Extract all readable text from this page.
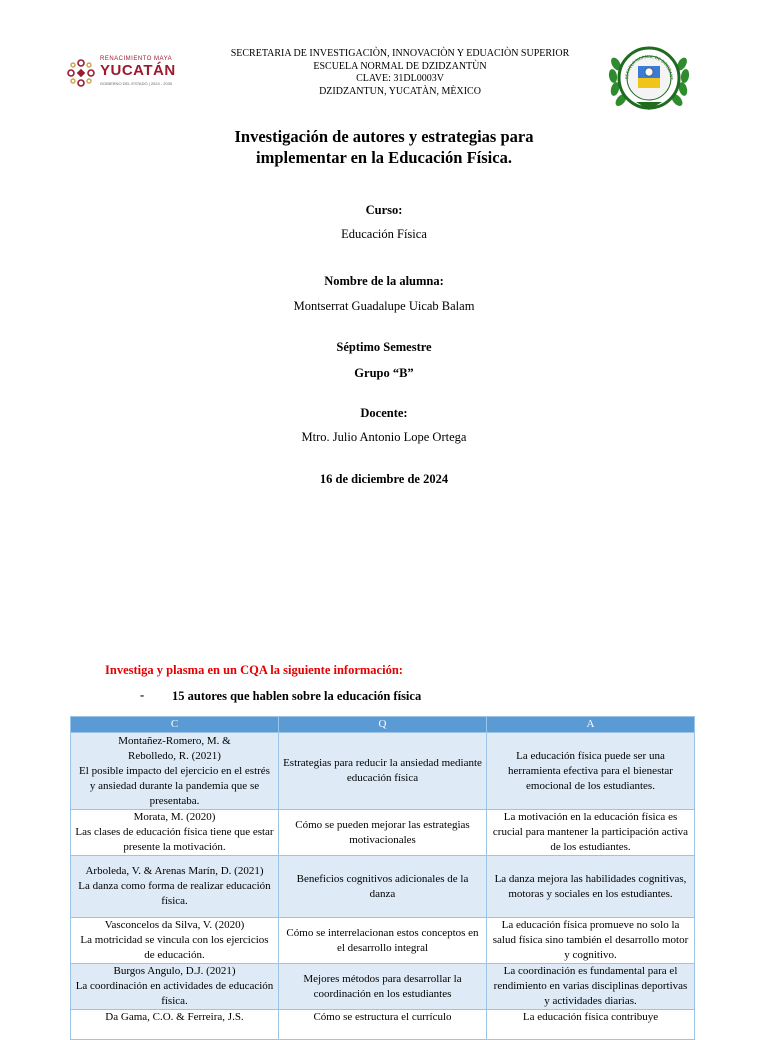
RENACIMIENTO MAYA
YUCATÁN
GOBIERNO DEL ESTADO | 2024 - 2030
ESCUELA NORMAL DE DZIDZANT
SECRETARIA DE INVESTIGACIÒN, INNOVACIÒN Y EDUACIÒN SUPERIOR
ESCUELA NORMAL DE DZIDZANTÙN
CLAVE: 31DL0003V
DZIDZANTUN, YUCATÀN, MÈXICO
Investigación de autores y estrategias para
implementar en la Educación Física.
Curso:
Educación Física
Nombre de la alumna:
Montserrat Guadalupe Uicab Balam
Séptimo Semestre
Grupo “B”
Docente:
Mtro. Julio Antonio Lope Ortega
16 de diciembre de 2024
Investiga y plasma en un CQA la siguiente información:
- 15 autores que hablen sobre la educación física
C	Q	A

Montañez-Romero, M. &
Rebolledo, R. (2021)
El posible impacto del ejercicio en el estrés y ansiedad durante la pandemia que se presentaba.	Estrategias para reducir la ansiedad mediante educación física	La educación física puede ser una herramienta efectiva para el bienestar emocional de los estudiantes.

Morata, M. (2020)
Las clases de educación física tiene que estar presente la motivación.	Cómo se pueden mejorar las estrategias motivacionales	La motivación en la educación física es crucial para mantener la participación activa de los estudiantes.

Arboleda, V. & Arenas Marín, D. (2021)
La danza como forma de realizar educación física.	Beneficios cognitivos adicionales de la danza	La danza mejora las habilidades cognitivas, motoras y sociales en los estudiantes.

Vasconcelos da Silva, V. (2020)
La motricidad se vincula con los ejercicios de educación.	Cómo se interrelacionan estos conceptos en el desarrollo integral	La educación física promueve no solo la salud física sino también el desarrollo motor y cognitivo.

Burgos Angulo, D.J. (2021)
La coordinación en actividades de educación física.	Mejores métodos para desarrollar la coordinación en los estudiantes	La coordinación es fundamental para el rendimiento en varias disciplinas deportivas y actividades diarias.

Da Gama, C.O. & Ferreira, J.S.	Cómo se estructura el currículo	La educación física contribuye
